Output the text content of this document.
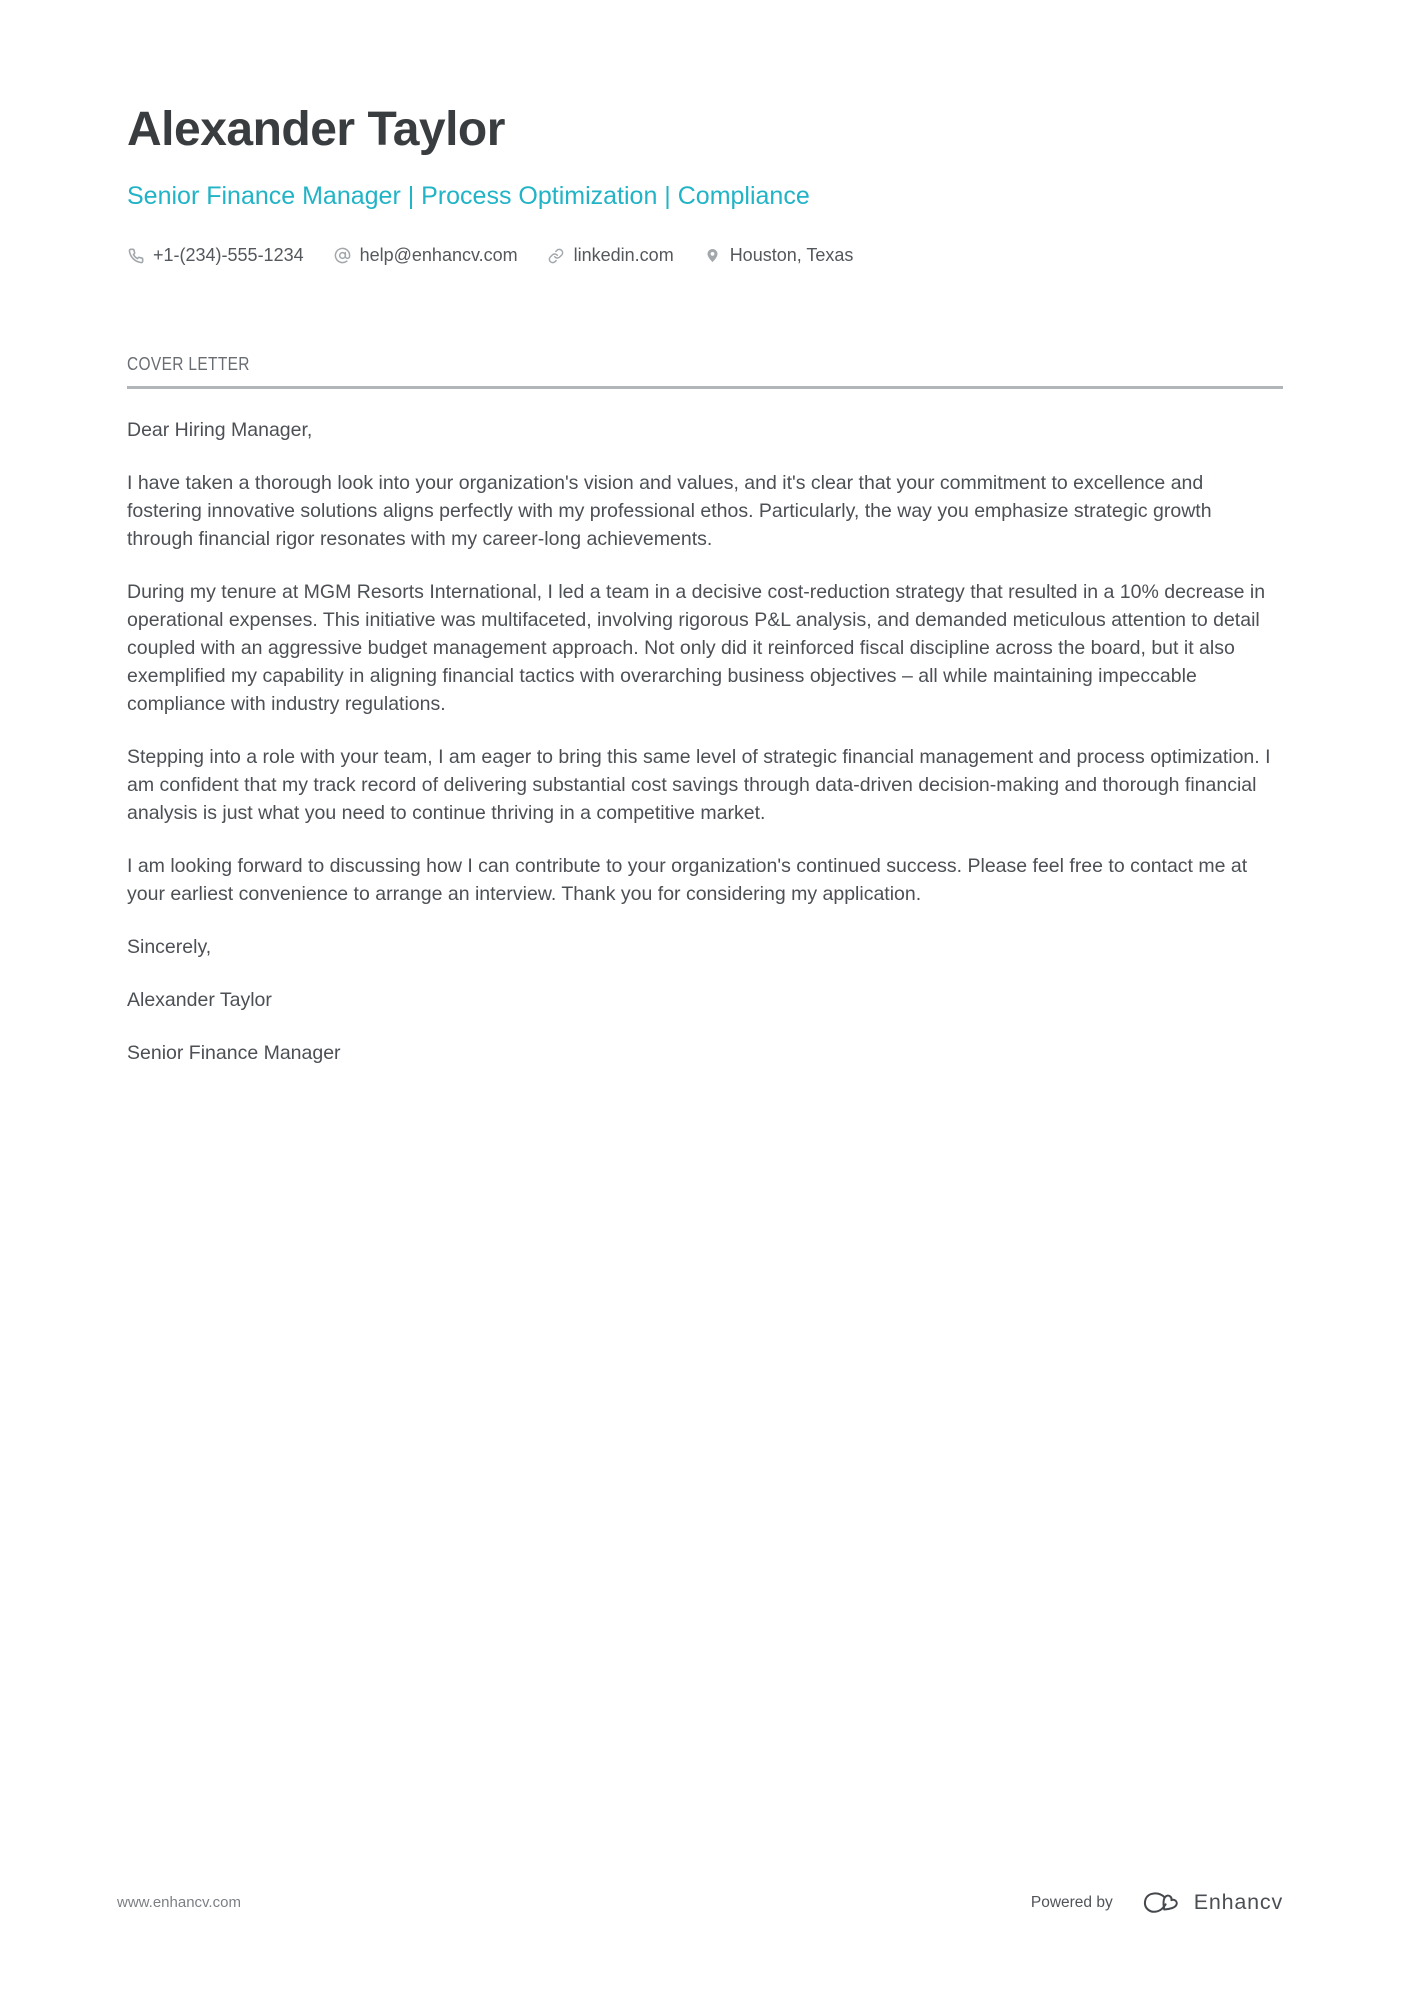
Alexander Taylor
Senior Finance Manager | Process Optimization | Compliance
+1-(234)-555-1234	help@enhancv.com	linkedin.com	Houston, Texas
COVER LETTER

Dear Hiring Manager,

I have taken a thorough look into your organization's vision and values, and it's clear that your commitment to excellence and fostering innovative solutions aligns perfectly with my professional ethos. Particularly, the way you emphasize strategic growth through financial rigor resonates with my career-long achievements.

During my tenure at MGM Resorts International, I led a team in a decisive cost-reduction strategy that resulted in a 10% decrease in operational expenses. This initiative was multifaceted, involving rigorous P&L analysis, and demanded meticulous attention to detail coupled with an aggressive budget management approach. Not only did it reinforced fiscal discipline across the board, but it also exemplified my capability in aligning financial tactics with overarching business objectives – all while maintaining impeccable compliance with industry regulations.

Stepping into a role with your team, I am eager to bring this same level of strategic financial management and process optimization. I am confident that my track record of delivering substantial cost savings through data-driven decision-making and thorough financial analysis is just what you need to continue thriving in a competitive market.

I am looking forward to discussing how I can contribute to your organization's continued success. Please feel free to contact me at your earliest convenience to arrange an interview. Thank you for considering my application.

Sincerely,

Alexander Taylor

Senior Finance Manager

www.enhancv.com	Powered by	Enhancv
